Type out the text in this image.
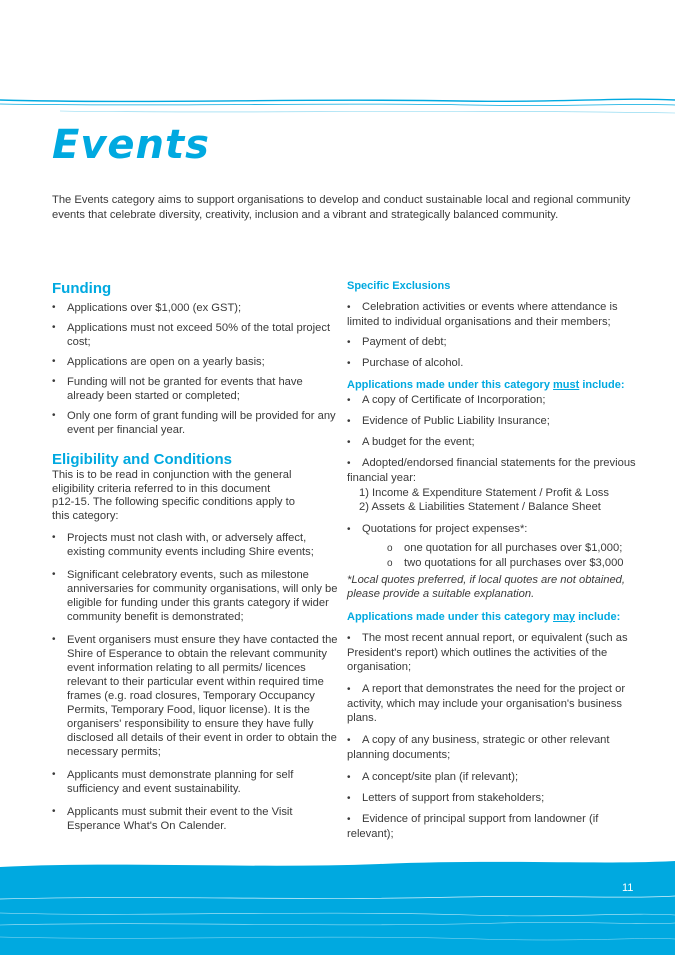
Events

The Events category aims to support organisations to develop and conduct sustainable local and regional community events that celebrate diversity, creativity, inclusion and a vibrant and strategically balanced community.

Funding
• Applications over $1,000 (ex GST);
• Applications must not exceed 50% of the total project cost;
• Applications are open on a yearly basis;
• Funding will not be granted for events that have already been started or completed;
• Only one form of grant funding will be provided for any event per financial year.
Eligibility and Conditions
This is to be read in conjunction with the general
eligibility criteria referred to in this document
p12-15. The following specific conditions apply to
this category:
• Projects must not clash with, or adversely affect, existing community events including Shire events;
• Significant celebratory events, such as milestone anniversaries for community organisations, will only be eligible for funding under this grants category if wider community benefit is demonstrated;
• Event organisers must ensure they have contacted the Shire of Esperance to obtain the relevant community event information relating to all permits/ licences relevant to their particular event within required time frames (e.g. road closures, Temporary Occupancy Permits, Temporary Food, liquor license). It is the organisers' responsibility to ensure they have fully disclosed all details of their event in order to obtain the necessary permits;
• Applicants must demonstrate planning for self sufficiency and event sustainability.
• Applicants must submit their event to the Visit Esperance What's On Calender.
Specific Exclusions
• Celebration activities or events where attendance is limited to individual organisations and their members;
• Payment of debt;
• Purchase of alcohol.
Applications made under this category must include:
• A copy of Certificate of Incorporation;
• Evidence of Public Liability Insurance;
• A budget for the event;
• Adopted/endorsed financial statements for the previous financial year:
1) Income & Expenditure Statement / Profit & Loss
2) Assets & Liabilities Statement / Balance Sheet
• Quotations for project expenses*:
o one quotation for all purchases over $1,000;
o two quotations for all purchases over $3,000

*Local quotes preferred, if local quotes are not obtained, please provide a suitable explanation.

Applications made under this category may include:
• The most recent annual report, or equivalent (such as President's report) which outlines the activities of the organisation;
• A report that demonstrates the need for the project or activity, which may include your organisation's business plans.
• A copy of any business, strategic or other relevant planning documents;
• A concept/site plan (if relevant);
• Letters of support from stakeholders;
• Evidence of principal support from landowner (if relevant);
11
